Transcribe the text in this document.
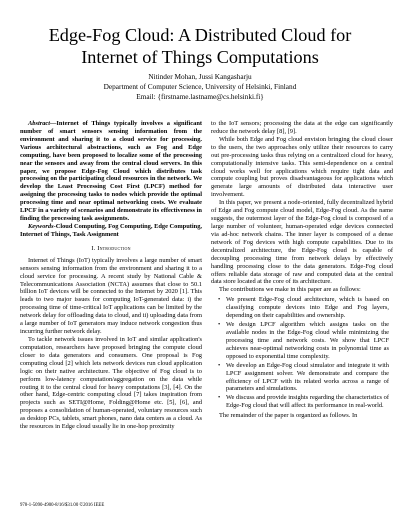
Edge-Fog Cloud: A Distributed Cloud for Internet of Things Computations
Nitinder Mohan, Jussi Kangasharju
Department of Computer Science, University of Helsinki, Finland
Email: {firstname.lastname@cs.helsinki.fi}

Abstract—Internet of Things typically involves a significant number of smart sensors sensing information from the environment and sharing it to a cloud service for processing. Various architectural abstractions, such as Fog and Edge computing, have been proposed to localize some of the processing near the sensors and away from the central cloud servers. In this paper, we propose Edge-Fog Cloud which distributes task processing on the participating cloud resources in the network. We develop the Least Processing Cost First (LPCF) method for assigning the processing tasks to nodes which provide the optimal processing time and near optimal networking costs. We evaluate LPCF in a variety of scenarios and demonstrate its effectiveness in finding the processing task assignments.

Keywords-Cloud Computing, Fog Computing, Edge Computing, Internet of Things, Task Assignment

I. Introduction

Internet of Things (IoT) typically involves a large number of smart sensors sensing information from the environment and sharing it to a cloud service for processing. A recent study by National Cable & Telecommunications Association (NCTA) assumes that close to 50.1 billion IoT devices will be connected to the Internet by 2020 [1]. This leads to two major issues for computing IoT-generated data: i) the processing time of time-critical IoT applications can be limited by the network delay for offloading data to cloud, and ii) uploading data from a large number of IoT generators may induce network congestion thus incurring further network delay.

To tackle network issues involved in IoT and similar application's computation, researchers have proposed bringing the compute cloud closer to data generators and consumers. One proposal is Fog computing cloud [2] which lets network devices run cloud application logic on their native architecture. The objective of Fog cloud is to perform low-latency computation/aggregation on the data while routing it to the central cloud for heavy computations [3], [4]. On the other hand, Edge-centric computing cloud [7] takes inspiration from projects such as SETI@Home, Folding@Home etc. [5], [6], and proposes a consolidation of human-operated, voluntary resources such as desktop PCs, tablets, smart phones, nano data centers as a cloud. As the resources in Edge cloud usually lie in one-hop proximity

to the IoT sensors; processing the data at the edge can significantly reduce the network delay [8], [9].

While both Edge and Fog cloud envision bringing the cloud closer to the users, the two approaches only utilize their resources to carry out pre-processing tasks thus relying on a centralized cloud for heavy, computationally intensive tasks. This semi-dependence on a central cloud works well for applications which require tight data and compute coupling but proves disadvantageous for applications which generate large amounts of distributed data interactive user involvement.

In this paper, we present a node-oriented, fully decentralized hybrid of Edge and Fog compute cloud model, Edge-Fog cloud. As the name suggests, the outermost layer of the Edge-Fog cloud is composed of a large number of volunteer, human-operated edge devices connected via ad-hoc network chains. The inner layer is composed of a dense network of Fog devices with high compute capabilities. Due to its decentralized architecture, the Edge-Fog cloud is capable of decoupling processing time from network delays by effectively handling processing close to the data generators. Edge-Fog cloud offers reliable data storage of raw and computed data at the central data store located at the core of its architecture.

The contributions we make in this paper are as follows:

• We present Edge-Fog cloud architecture, which is based on classifying compute devices into Edge and Fog layers, depending on their capabilities and ownership.
• We design LPCF algorithm which assigns tasks on the available nodes in the Edge-Fog cloud while minimizing the processing time and network costs. We show that LPCF achieves near-optimal networking costs in polynomial time as opposed to exponential time complexity.
• We develop an Edge-Fog cloud simulator and integrate it with LPCF assignment solver. We demonstrate and compare the efficiency of LPCF with its related works across a range of parameters and simulations.
• We discuss and provide insights regarding the characteristics of Edge-Fog cloud that will affect its performance in real-world.

The remainder of the paper is organized as follows. In

978-1-5090-4900-8/16/$31.00 ©2016 IEEE
